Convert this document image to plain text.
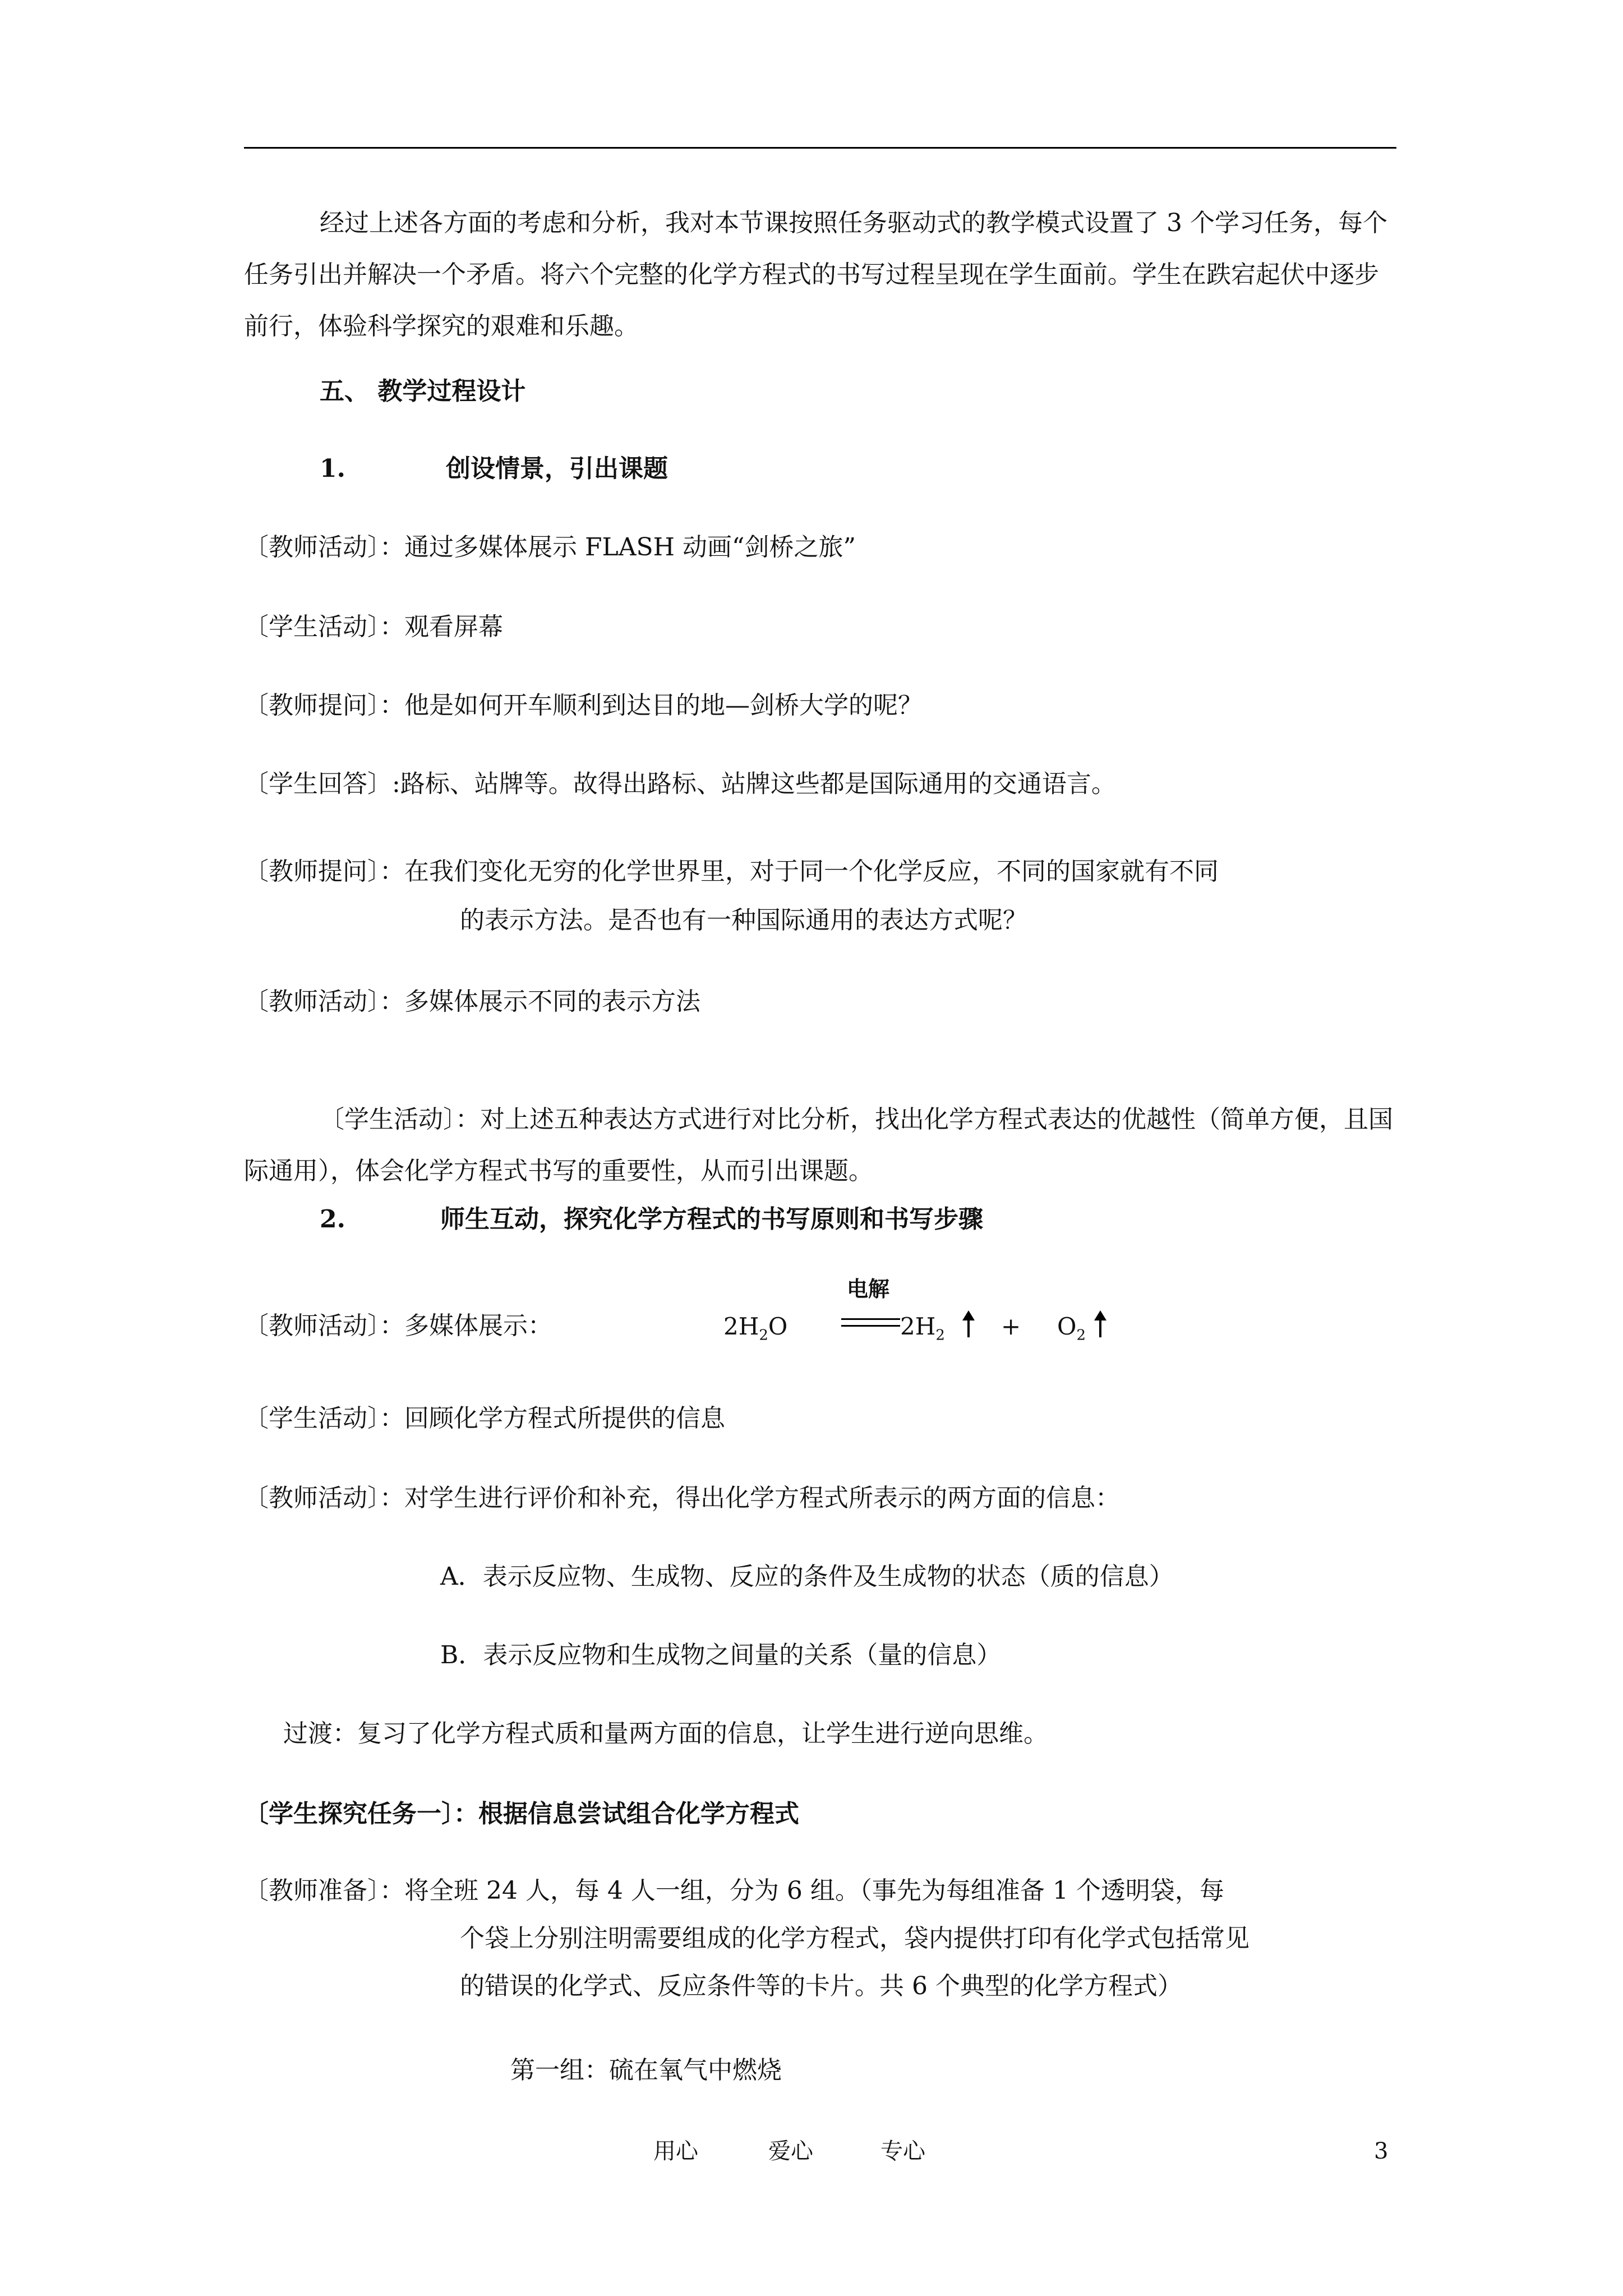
经过上述各方面的考虑和分析，我对本节课按照任务驱动式的教学模式设置了 3 个学习任务，每个任务引出并解决一个矛盾。将六个完整的化学方程式的书写过程呈现在学生面前。学生在跌宕起伏中逐步前行，体验科学探究的艰难和乐趣。
五、 教学过程设计
1.	创设情景，引出课题
〔教师活动〕：通过多媒体展示 FLASH 动画“剑桥之旅”
〔学生活动〕：观看屏幕
〔教师提问〕：他是如何开车顺利到达目的地—剑桥大学的呢？
〔学生回答〕:路标、站牌等。故得出路标、站牌这些都是国际通用的交通语言。
〔教师提问〕：在我们变化无穷的化学世界里，对于同一个化学反应，不同的国家就有不同
的表示方法。是否也有一种国际通用的表达方式呢？
〔教师活动〕：多媒体展示不同的表示方法
〔学生活动〕：对上述五种表达方式进行对比分析，找出化学方程式表达的优越性（简单方便，且国际通用），体会化学方程式书写的重要性，从而引出课题。
2.	师生互动，探究化学方程式的书写原则和书写步骤
〔教师活动〕：多媒体展示：	$2H_2O$
电解
$2H_2 + O_2$
〔学生活动〕：回顾化学方程式所提供的信息
〔教师活动〕：对学生进行评价和补充，得出化学方程式所表示的两方面的信息：
A．表示反应物、生成物、反应的条件及生成物的状态（质的信息）
B．表示反应物和生成物之间量的关系（量的信息）
过渡：复习了化学方程式质和量两方面的信息，让学生进行逆向思维。
〔学生探究任务一〕：根据信息尝试组合化学方程式
〔教师准备〕：将全班 24 人，每 4 人一组，分为 6 组。（事先为每组准备 1 个透明袋，每
个袋上分别注明需要组成的化学方程式，袋内提供打印有化学式包括常见
的错误的化学式、反应条件等的卡片。共 6 个典型的化学方程式）
第一组：硫在氧气中燃烧
用心	爱心	专心	3
